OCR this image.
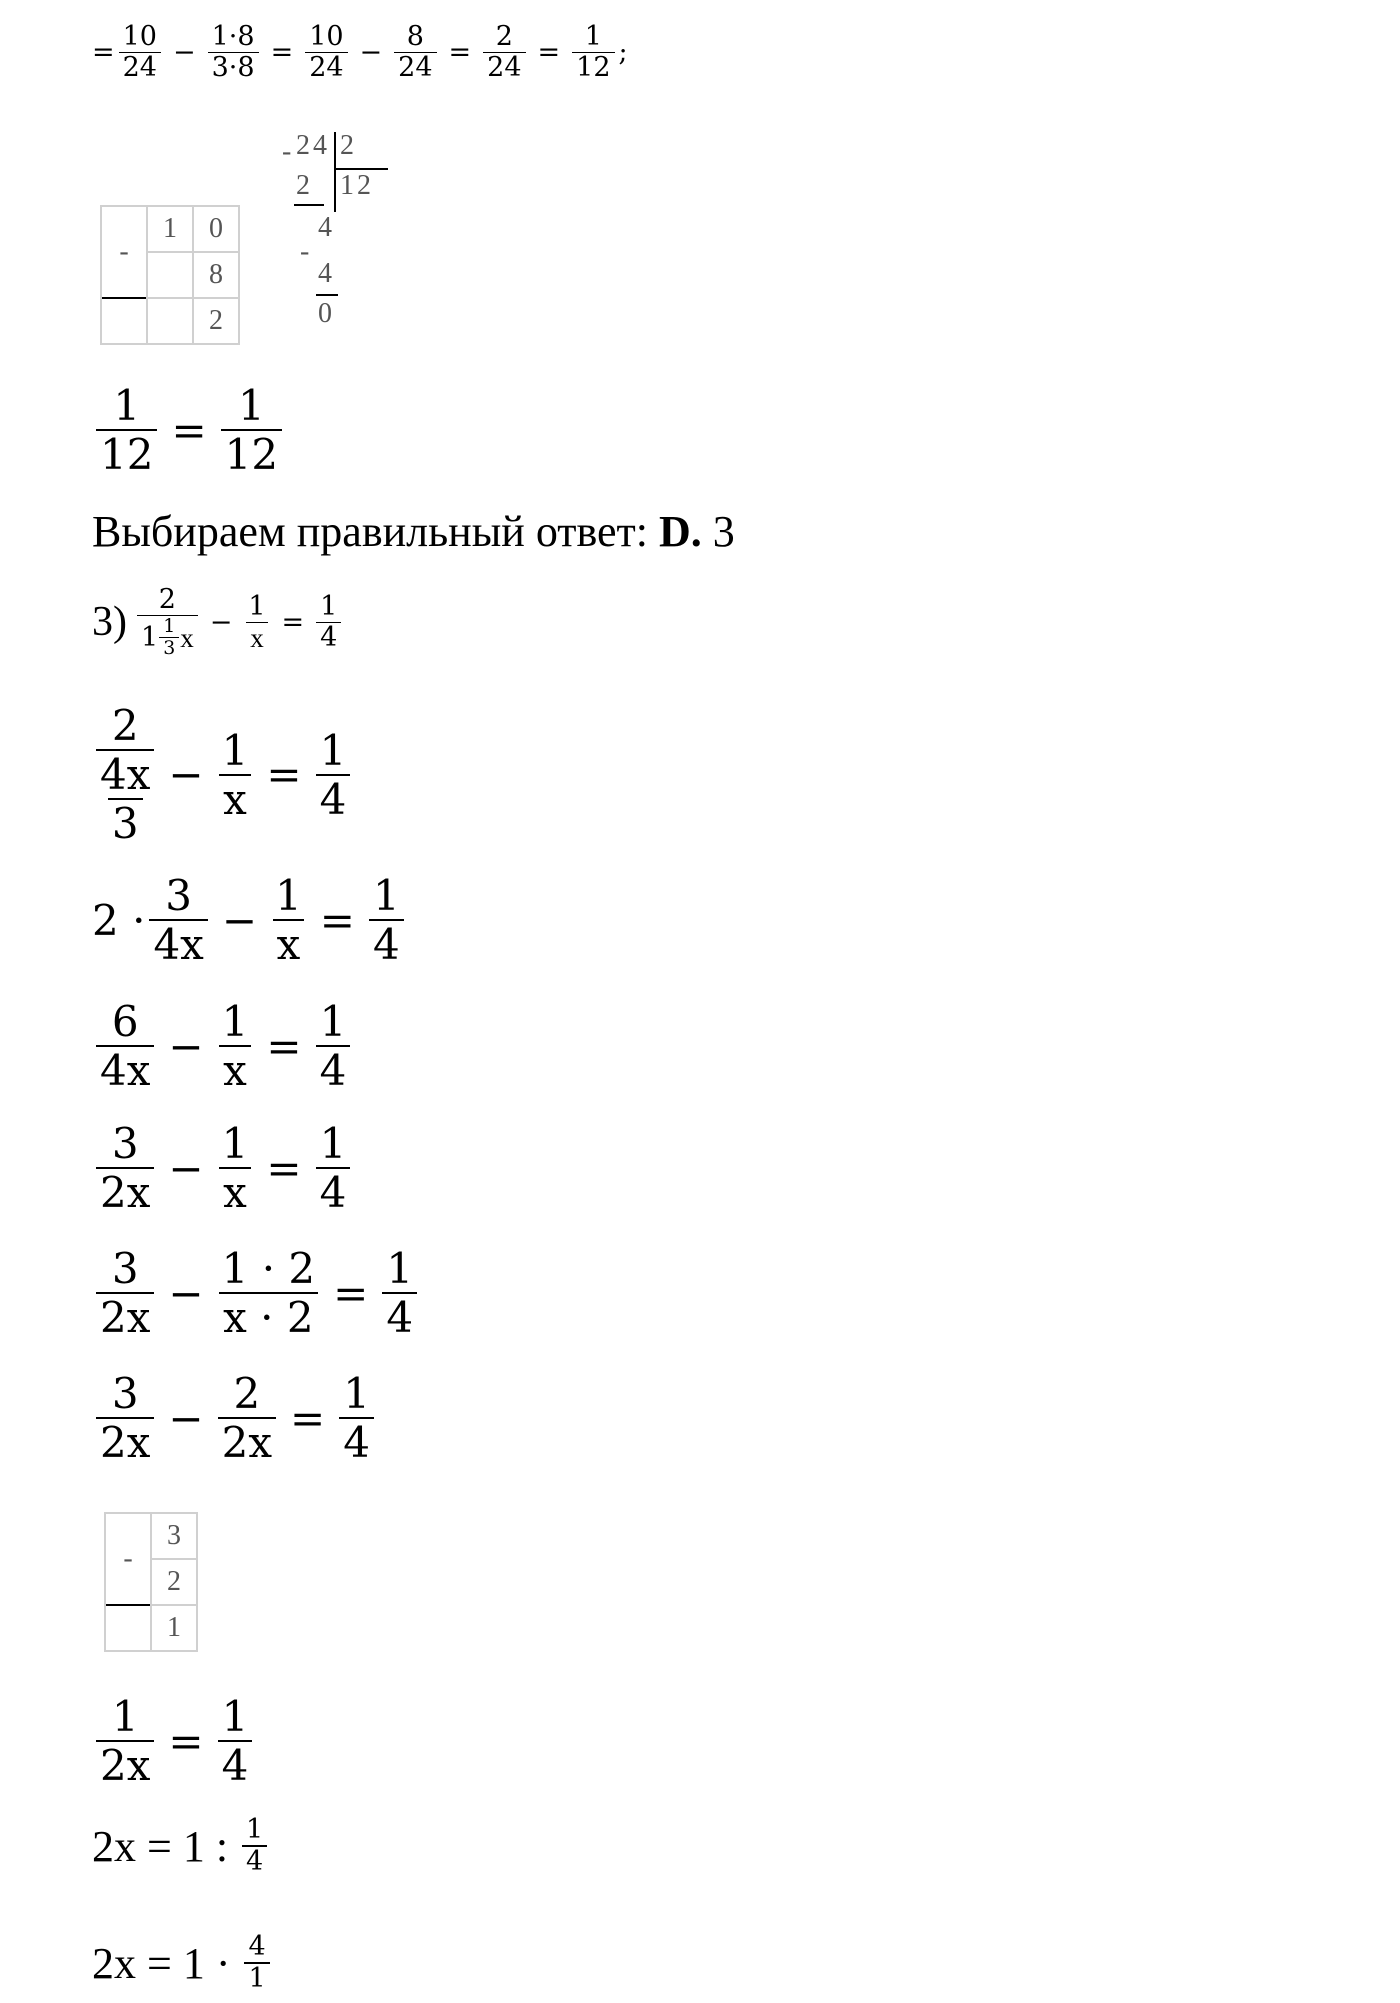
= $\frac{10}{24} - \frac{1\cdot 8}{3\cdot 8} = \frac{10}{24} - \frac{8}{24} = \frac{2}{24} = \frac{1}{12}$ ;
-	1	0
		8
		2
- 24 2
2 12
4
-
4
0
$\frac{1}{12} = \frac{1}{12}$
Выбираем правильный ответ: D. 3
$3) \frac{2}{1 \frac{1}{3} x} - \frac{1}{x} = \frac{1}{4}$
$\frac{2}{\frac{4x}{3}} - \frac{1}{x} = \frac{1}{4}$
$2 \cdot \frac{3}{4x} - \frac{1}{x} = \frac{1}{4}$
$\frac{6}{4x} - \frac{1}{x} = \frac{1}{4}$
$\frac{3}{2x} - \frac{1}{x} = \frac{1}{4}$
$\frac{3}{2x} - \frac{1 \cdot 2}{x \cdot 2} = \frac{1}{4}$
$\frac{3}{2x} - \frac{2}{2x} = \frac{1}{4}$
-	3
	2
	1
$\frac{1}{2x} = \frac{1}{4}$
2x = 1 : $\frac{1}{4}$
$2x = 1 \cdot \frac{4}{1}$
